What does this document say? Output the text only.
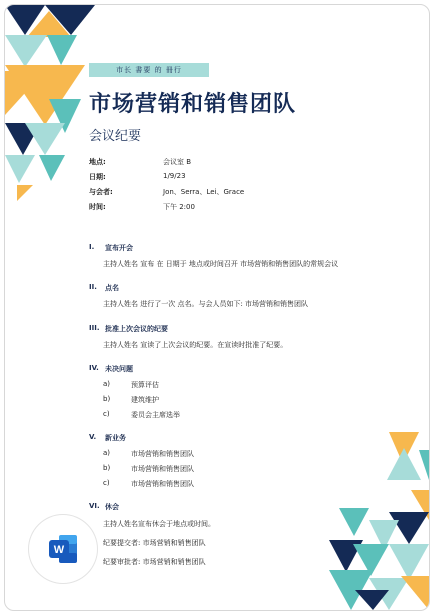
市长 書要 的 冊行
市场营销和销售团队
会议纪要
地点:	会议室 B
日期:	1/9/23
与会者:	Jon、Serra、Lei、Grace
时间:	下午 2:00
I. 宣布开会
主持人姓名 宣布 在 日期于 地点或时间召开 市场营销和销售团队的常规会议
II. 点名
主持人姓名 进行了一次 点名。与会人员如下: 市场营销和销售团队
III. 批准上次会议的纪要
主持人姓名 宣读了上次会议的纪要。在宣读时批准了纪要。
IV. 未决问题
a)	预算评估
b)	建筑维护
c)	委员会主席选举
V. 新业务
a)	市场营销和销售团队
b)	市场营销和销售团队
c)	市场营销和销售团队
VI. 休会
主持人姓名宣布休会于地点或时间。
纪要提交者: 市场营销和销售团队
纪要审批者: 市场营销和销售团队
W
